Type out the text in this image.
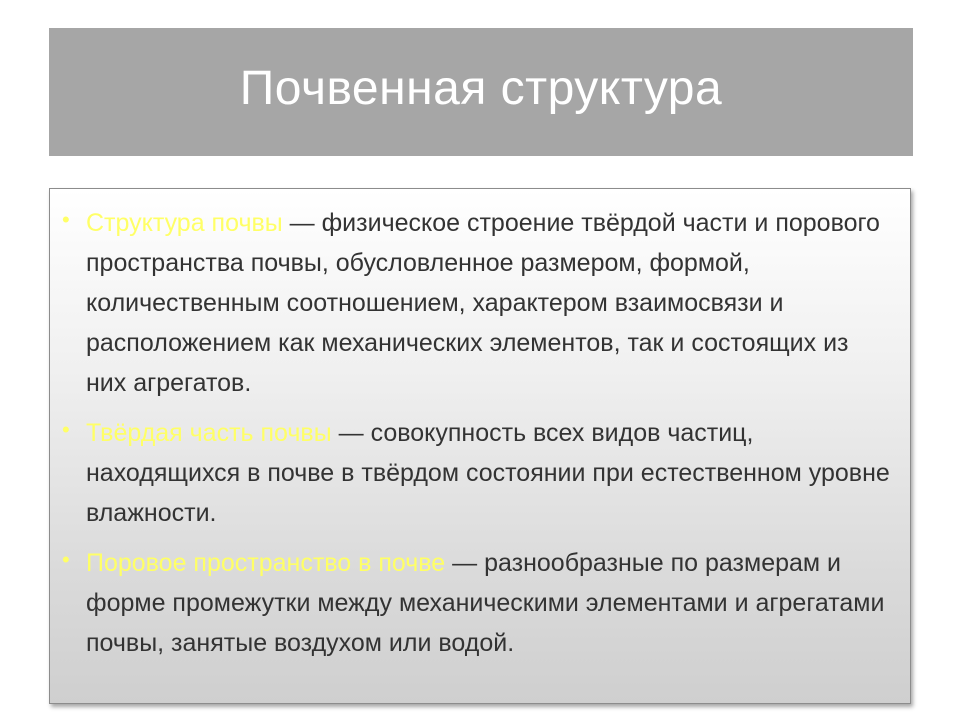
Почвенная структура
• Структура почвы — физическое строение твёрдой части и порового пространства почвы, обусловленное размером, формой, количественным соотношением, характером взаимосвязи и расположением как механических элементов, так и состоящих из них агрегатов.
• Твёрдая часть почвы — совокупность всех видов частиц, находящихся в почве в твёрдом состоянии при естественном уровне влажности.
• Поровое пространство в почве — разнообразные по размерам и форме промежутки между механическими элементами и агрегатами почвы, занятые воздухом или водой.
